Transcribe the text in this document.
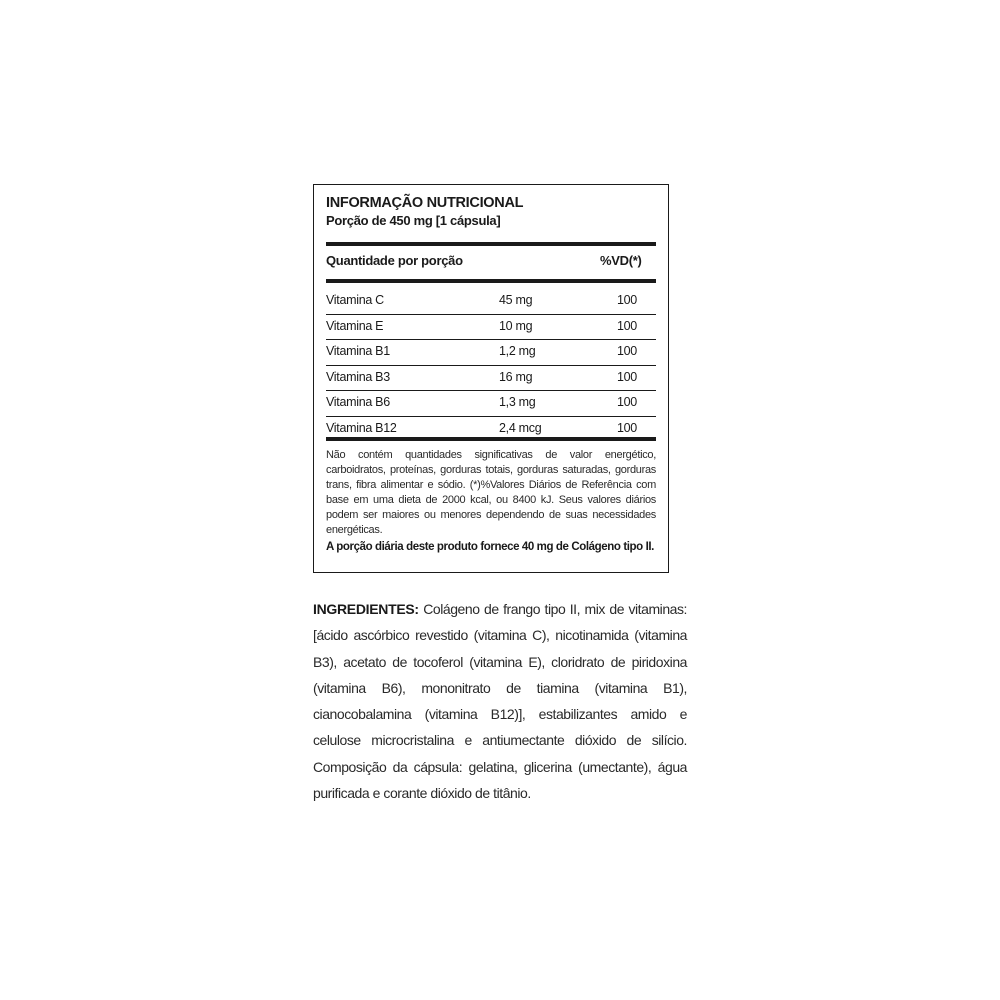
INFORMAÇÃO NUTRICIONAL
Porção de 450 mg [1 cápsula]
Quantidade por porção	%VD(*)
Vitamina C	45 mg	100
Vitamina E	10 mg	100
Vitamina B1	1,2 mg	100
Vitamina B3	16 mg	100
Vitamina B6	1,3 mg	100
Vitamina B12	2,4 mcg	100
Não contém quantidades significativas de valor energético, carboidratos, proteínas, gorduras totais, gorduras saturadas, gorduras trans, fibra alimentar e sódio. (*)%Valores Diários de Referência com base em uma dieta de 2000 kcal, ou 8400 kJ. Seus valores diários podem ser maiores ou menores dependendo de suas necessidades energéticas.
A porção diária deste produto fornece 40 mg de Colágeno tipo II.
INGREDIENTES: Colágeno de frango tipo II, mix de vitaminas: [ácido ascórbico revestido (vitamina C), nicotinamida (vitamina B3), acetato de tocoferol (vitamina E), cloridrato de piridoxina (vitamina B6), mononitrato de tiamina (vitamina B1), cianocobalamina (vitamina B12)], estabilizantes amido e celulose microcristalina e antiumectante dióxido de silício. Composição da cápsula: gelatina, glicerina (umectante), água purificada e corante dióxido de titânio.
